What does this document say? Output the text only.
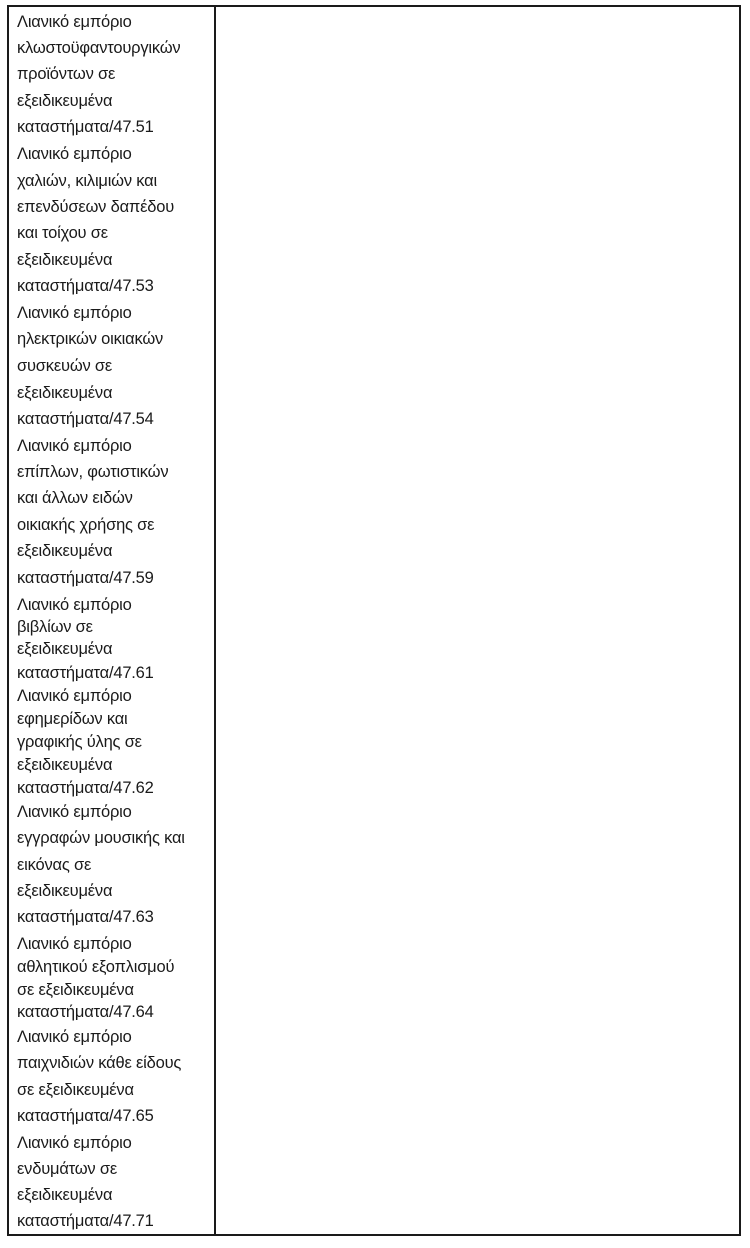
Λιανικό εμπόριο
κλωστοϋφαντουργικών
προϊόντων σε
εξειδικευμένα
καταστήματα/47.51
Λιανικό εμπόριο
χαλιών, κιλιμιών και
επενδύσεων δαπέδου
και τοίχου σε
εξειδικευμένα
καταστήματα/47.53
Λιανικό εμπόριο
ηλεκτρικών οικιακών
συσκευών σε
εξειδικευμένα
καταστήματα/47.54
Λιανικό εμπόριο
επίπλων, φωτιστικών
και άλλων ειδών
οικιακής χρήσης σε
εξειδικευμένα
καταστήματα/47.59
Λιανικό εμπόριο
βιβλίων σε
εξειδικευμένα
καταστήματα/47.61
Λιανικό εμπόριο
εφημερίδων και
γραφικής ύλης σε
εξειδικευμένα
καταστήματα/47.62
Λιανικό εμπόριο
εγγραφών μουσικής και
εικόνας σε
εξειδικευμένα
καταστήματα/47.63
Λιανικό εμπόριο
αθλητικού εξοπλισμού
σε εξειδικευμένα
καταστήματα/47.64
Λιανικό εμπόριο
παιχνιδιών κάθε είδους
σε εξειδικευμένα
καταστήματα/47.65
Λιανικό εμπόριο
ενδυμάτων σε
εξειδικευμένα
καταστήματα/47.71
